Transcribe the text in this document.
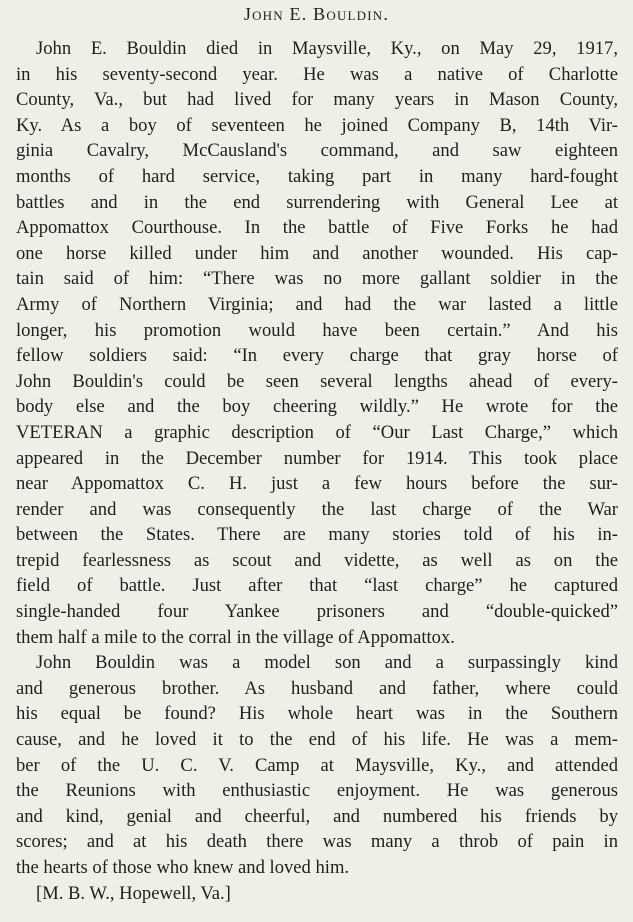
John E. Bouldin.
John E. Bouldin died in Maysville, Ky., on May 29, 1917,
in his seventy-second year. He was a native of Charlotte
County, Va., but had lived for many years in Mason County,
Ky. As a boy of seventeen he joined Company B, 14th Vir-
ginia Cavalry, McCausland's command, and saw eighteen
months of hard service, taking part in many hard-fought
battles and in the end surrendering with General Lee at
Appomattox Courthouse. In the battle of Five Forks he had
one horse killed under him and another wounded. His cap-
tain said of him: “There was no more gallant soldier in the
Army of Northern Virginia; and had the war lasted a little
longer, his promotion would have been certain.” And his
fellow soldiers said: “In every charge that gray horse of
John Bouldin's could be seen several lengths ahead of every-
body else and the boy cheering wildly.” He wrote for the
VETERAN a graphic description of “Our Last Charge,” which
appeared in the December number for 1914. This took place
near Appomattox C. H. just a few hours before the sur-
render and was consequently the last charge of the War
between the States. There are many stories told of his in-
trepid fearlessness as scout and vidette, as well as on the
field of battle. Just after that “last charge” he captured
single-handed four Yankee prisoners and “double-quicked”
them half a mile to the corral in the village of Appomattox.
John Bouldin was a model son and a surpassingly kind
and generous brother. As husband and father, where could
his equal be found? His whole heart was in the Southern
cause, and he loved it to the end of his life. He was a mem-
ber of the U. C. V. Camp at Maysville, Ky., and attended
the Reunions with enthusiastic enjoyment. He was generous
and kind, genial and cheerful, and numbered his friends by
scores; and at his death there was many a throb of pain in
the hearts of those who knew and loved him.
[M. B. W., Hopewell, Va.]
